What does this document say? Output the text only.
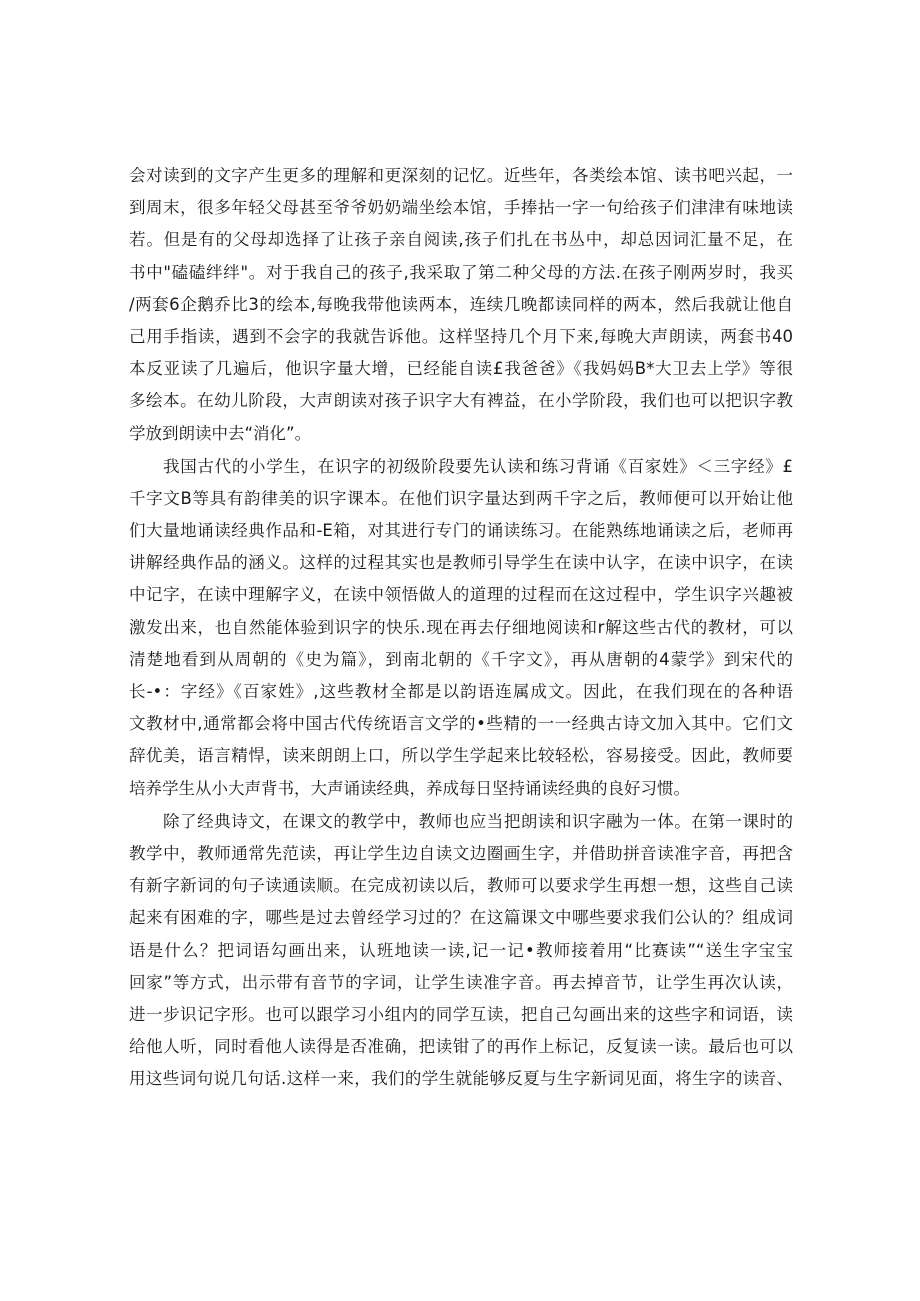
会对读到的文字产生更多的理解和更深刻的记忆。近些年，各类绘本馆、读书吧兴起，一
到周末，很多年轻父母甚至爷爷奶奶端坐绘本馆，手捧拈一字一句给孩子们津津有味地读
若。但是有的父母却选择了让孩子亲自阅读,孩子们扎在书丛中，却总因词汇量不足，在
书中"磕磕绊绊"。对于我自己的孩子,我采取了第二种父母的方法.在孩子刚两岁时，我买
/两套6企鹅乔比3的绘本,每晚我带他读两本，连续几晚都读同样的两本，然后我就让他自
己用手指读，遇到不会字的我就告诉他。这样坚持几个月下来,每晚大声朗读，两套书40
本反亚读了几遍后，他识字量大增，已经能自读£我爸爸》《我妈妈B*大卫去上学》等很
多绘本。在幼儿阶段，大声朗读对孩子识字大有裨益，在小学阶段，我们也可以把识字教
学放到朗读中去“消化”。
我国古代的小学生，在识字的初级阶段要先认读和练习背诵《百家姓》＜三字经》£
千字文B等具有韵律美的识字课本。在他们识字量达到两千字之后，教师便可以开始让他
们大量地诵读经典作品和-E箱，对其进行专门的诵读练习。在能熟练地诵读之后，老师再
讲解经典作品的涵义。这样的过程其实也是教师引导学生在读中认字，在读中识字，在读
中记字，在读中理解字义，在读中领悟做人的道理的过程而在这过程中，学生识字兴趣被
激发出来，也自然能体验到识字的快乐.现在再去仔细地阅读和r解这些古代的教材，可以
清楚地看到从周朝的《史为篇》，到南北朝的《千字文》，再从唐朝的4蒙学》到宋代的
长-•：字经》《百家姓》,这些教材全都是以韵语连属成文。因此，在我们现在的各种语
文教材中,通常都会将中国古代传统语言文学的•些精的一一经典古诗文加入其中。它们文
辞优美，语言精悍，读来朗朗上口，所以学生学起来比较轻松，容易接受。因此，教师要
培养学生从小大声背书，大声诵读经典，养成每日坚持诵读经典的良好习惯。
除了经典诗文，在课文的教学中，教师也应当把朗读和识字融为一体。在第一课时的
教学中，教师通常先范读，再让学生边自读文边圈画生字，并借助拼音读准字音，再把含
有新字新词的句子读通读顺。在完成初读以后，教师可以要求学生再想一想，这些自己读
起来有困难的字，哪些是过去曾经学习过的？在这篇课文中哪些要求我们公认的？组成词
语是什么？把词语勾画出来，认班地读一读,记一记•教师接着用“比赛读”“送生字宝宝
回家”等方式，出示带有音节的字词，让学生读准字音。再去掉音节，让学生再次认读，
进一步识记字形。也可以跟学习小组内的同学互读，把自己勾画出来的这些字和词语，读
给他人听，同时看他人读得是否准确，把读钳了的再作上标记，反复读一读。最后也可以
用这些词句说几句话.这样一来，我们的学生就能够反夏与生字新词见面，将生字的读音、
